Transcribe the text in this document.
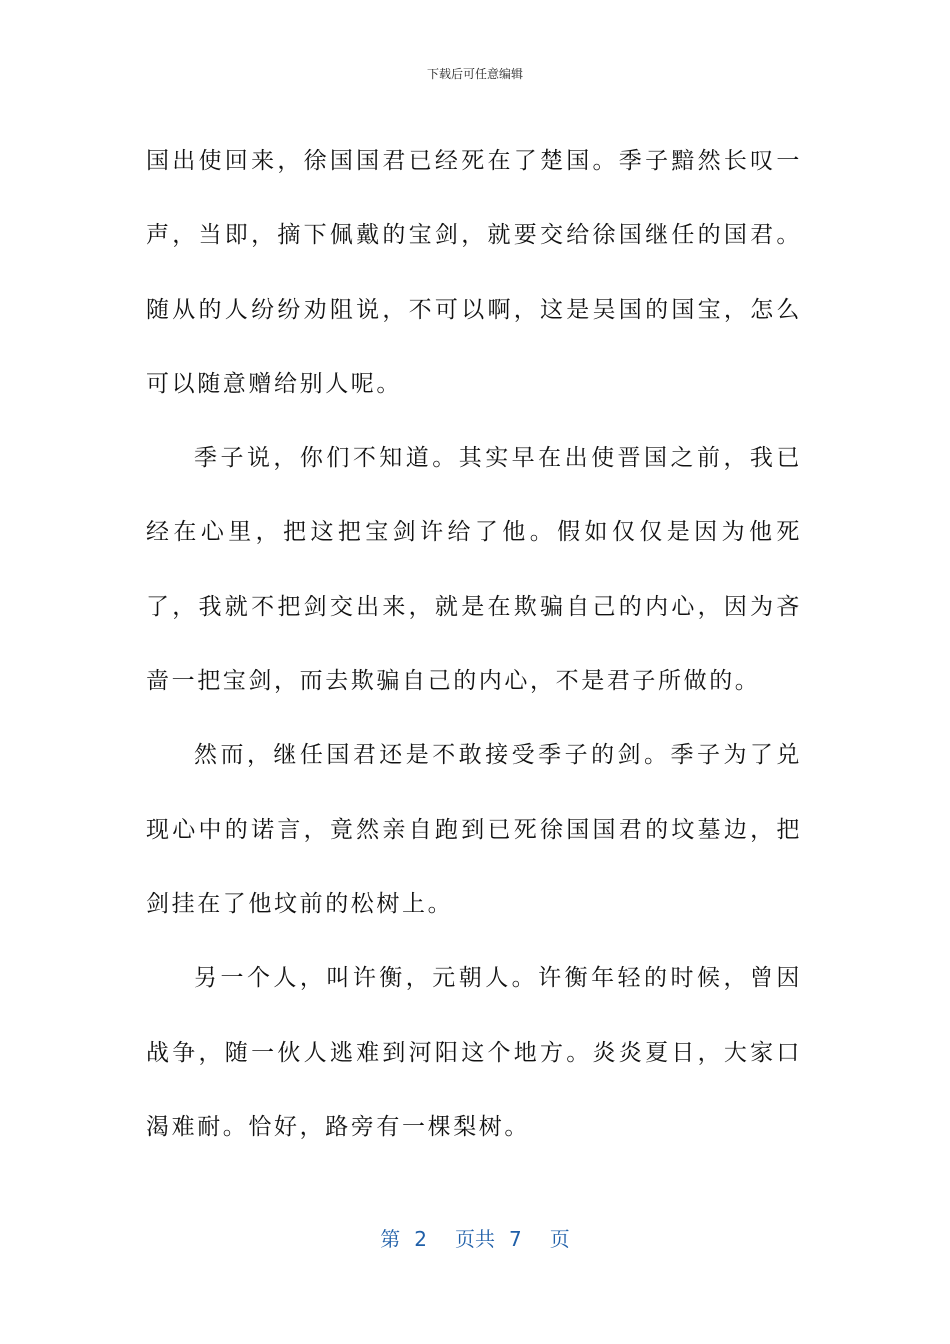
下载后可任意编辑

国出使回来，徐国国君已经死在了楚国。季子黯然长叹一声，当即，摘下佩戴的宝剑，就要交给徐国继任的国君。随从的人纷纷劝阻说，不可以啊，这是吴国的国宝，怎么可以随意赠给别人呢。

季子说，你们不知道。其实早在出使晋国之前，我已经在心里，把这把宝剑许给了他。假如仅仅是因为他死了，我就不把剑交出来，就是在欺骗自己的内心，因为吝啬一把宝剑，而去欺骗自己的内心，不是君子所做的。

然而，继任国君还是不敢接受季子的剑。季子为了兑现心中的诺言，竟然亲自跑到已死徐国国君的坟墓边，把剑挂在了他坟前的松树上。

另一个人，叫许衡，元朝人。许衡年轻的时候，曾因战争，随一伙人逃难到河阳这个地方。炎炎夏日，大家口渴难耐。恰好，路旁有一棵梨树。

第 2 页共 7 页
